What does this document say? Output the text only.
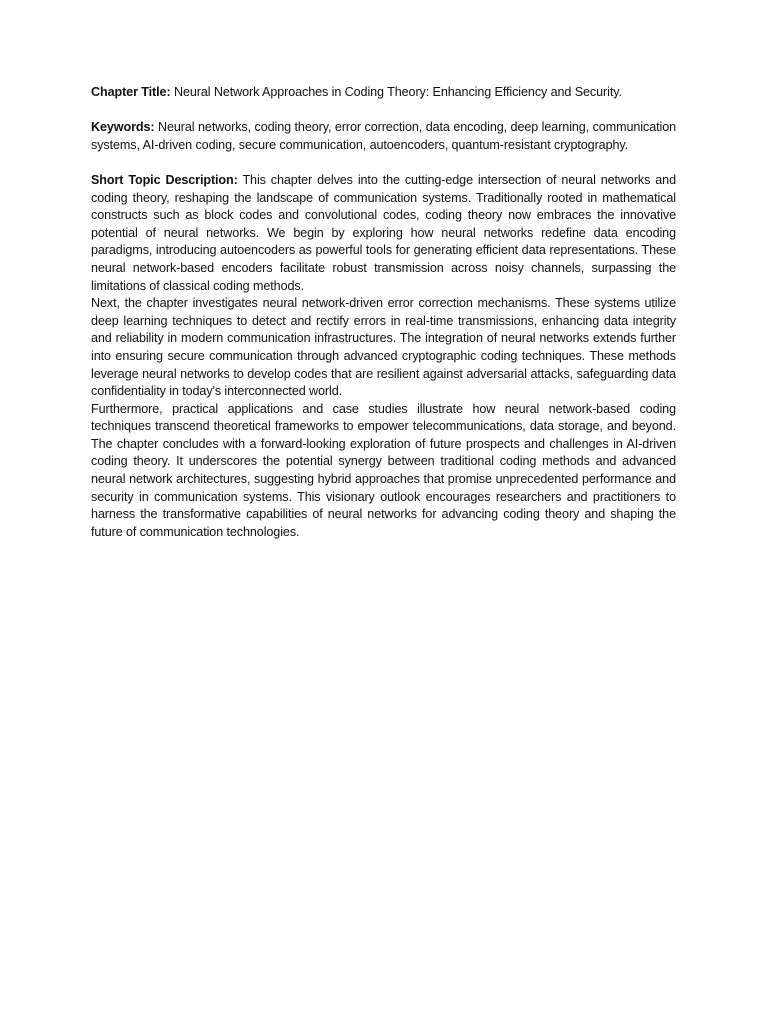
Chapter Title: Neural Network Approaches in Coding Theory: Enhancing Efficiency and Security.

Keywords: Neural networks, coding theory, error correction, data encoding, deep learning, communication systems, AI-driven coding, secure communication, autoencoders, quantum-resistant cryptography.

Short Topic Description: This chapter delves into the cutting-edge intersection of neural networks and coding theory, reshaping the landscape of communication systems. Traditionally rooted in mathematical constructs such as block codes and convolutional codes, coding theory now embraces the innovative potential of neural networks. We begin by exploring how neural networks redefine data encoding paradigms, introducing autoencoders as powerful tools for generating efficient data representations. These neural network-based encoders facilitate robust transmission across noisy channels, surpassing the limitations of classical coding methods.

Next, the chapter investigates neural network-driven error correction mechanisms. These systems utilize deep learning techniques to detect and rectify errors in real-time transmissions, enhancing data integrity and reliability in modern communication infrastructures. The integration of neural networks extends further into ensuring secure communication through advanced cryptographic coding techniques. These methods leverage neural networks to develop codes that are resilient against adversarial attacks, safeguarding data confidentiality in today's interconnected world.

Furthermore, practical applications and case studies illustrate how neural network-based coding techniques transcend theoretical frameworks to empower telecommunications, data storage, and beyond. The chapter concludes with a forward-looking exploration of future prospects and challenges in AI-driven coding theory. It underscores the potential synergy between traditional coding methods and advanced neural network architectures, suggesting hybrid approaches that promise unprecedented performance and security in communication systems. This visionary outlook encourages researchers and practitioners to harness the transformative capabilities of neural networks for advancing coding theory and shaping the future of communication technologies.
